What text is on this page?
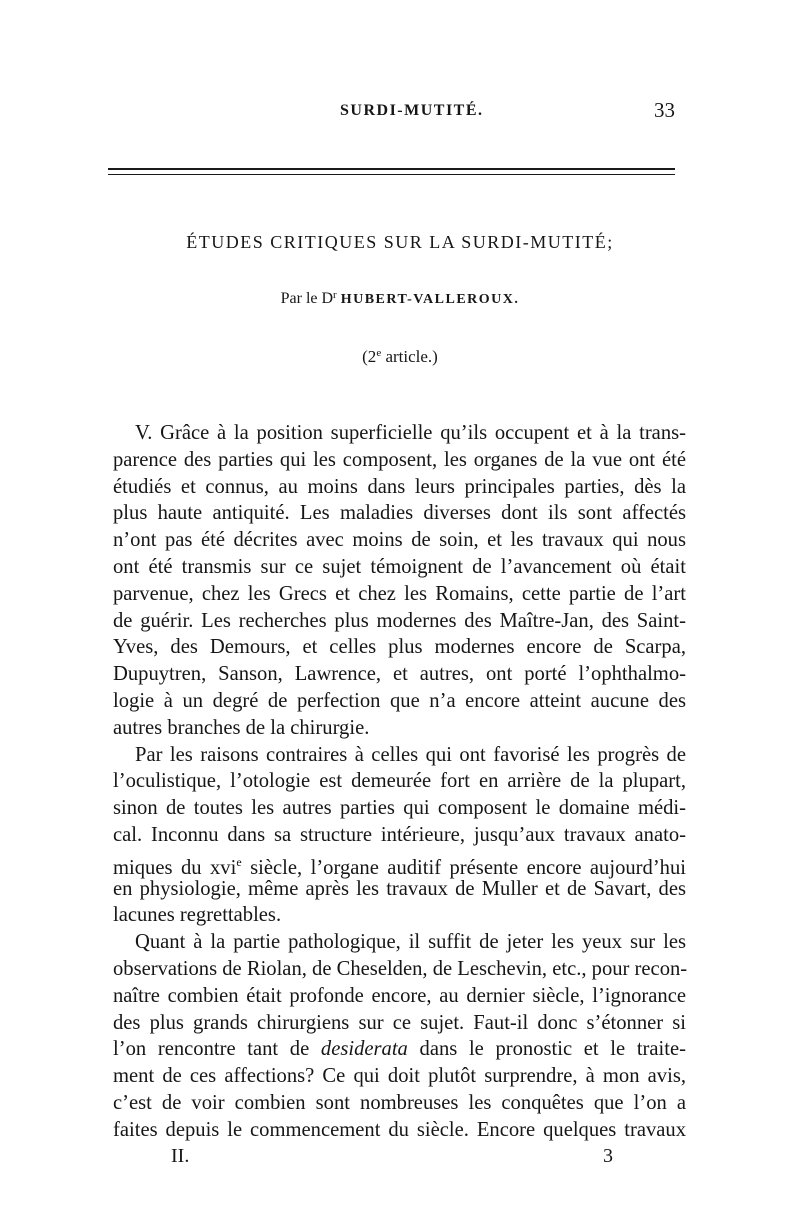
SURDI-MUTITÉ.	33
ÉTUDES CRITIQUES SUR LA SURDI-MUTITÉ;
Par le $D^r$ HUBERT-VALLEROUX.
(2e article.)
V. Grâce à la position superficielle qu’ils occupent et à la trans-
parence des parties qui les composent, les organes de la vue ont été
étudiés et connus, au moins dans leurs principales parties, dès la
plus haute antiquité. Les maladies diverses dont ils sont affectés
n’ont pas été décrites avec moins de soin, et les travaux qui nous
ont été transmis sur ce sujet témoignent de l’avancement où était
parvenue, chez les Grecs et chez les Romains, cette partie de l’art
de guérir. Les recherches plus modernes des Maître-Jan, des Saint-
Yves, des Demours, et celles plus modernes encore de Scarpa,
Dupuytren, Sanson, Lawrence, et autres, ont porté l’ophthalmo-
logie à un degré de perfection que n’a encore atteint aucune des
autres branches de la chirurgie.
Par les raisons contraires à celles qui ont favorisé les progrès de
l’oculistique, l’otologie est demeurée fort en arrière de la plupart,
sinon de toutes les autres parties qui composent le domaine médi-
cal. Inconnu dans sa structure intérieure, jusqu’aux travaux anato-
miques du xvi$^e$ siècle, l’organe auditif présente encore aujourd’hui
en physiologie, même après les travaux de Muller et de Savart, des
lacunes regrettables.
Quant à la partie pathologique, il suffit de jeter les yeux sur les
observations de Riolan, de Cheselden, de Leschevin, etc., pour recon-
naître combien était profonde encore, au dernier siècle, l’ignorance
des plus grands chirurgiens sur ce sujet. Faut-il donc s’étonner si
l’on rencontre tant de desiderata dans le pronostic et le traite-
ment de ces affections? Ce qui doit plutôt surprendre, à mon avis,
c’est de voir combien sont nombreuses les conquêtes que l’on a
faites depuis le commencement du siècle. Encore quelques travaux
II.	3
